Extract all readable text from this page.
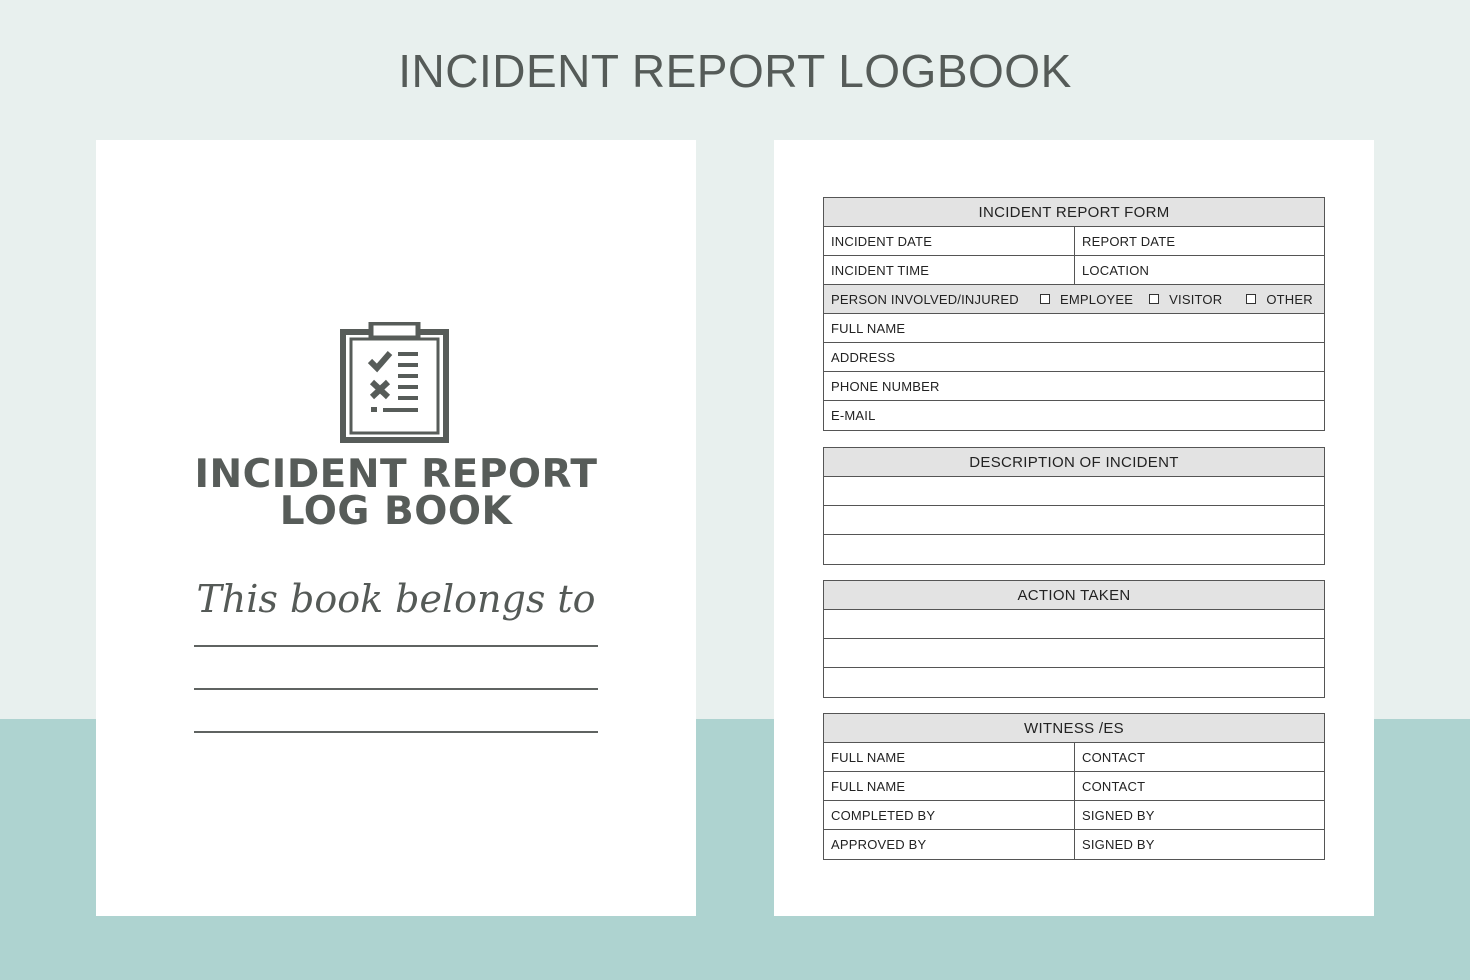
INCIDENT REPORT LOGBOOK
INCIDENT REPORT
LOG BOOK
This book belongs to
INCIDENT REPORT FORM
INCIDENT DATE	REPORT DATE
INCIDENT TIME	LOCATION
PERSON INVOLVED/INJURED	EMPLOYEE	VISITOR	OTHER
FULL NAME
ADDRESS
PHONE NUMBER
E-MAIL
DESCRIPTION OF INCIDENT
ACTION TAKEN
WITNESS /ES
FULL NAME	CONTACT
FULL NAME	CONTACT
COMPLETED BY	SIGNED BY
APPROVED BY	SIGNED BY
